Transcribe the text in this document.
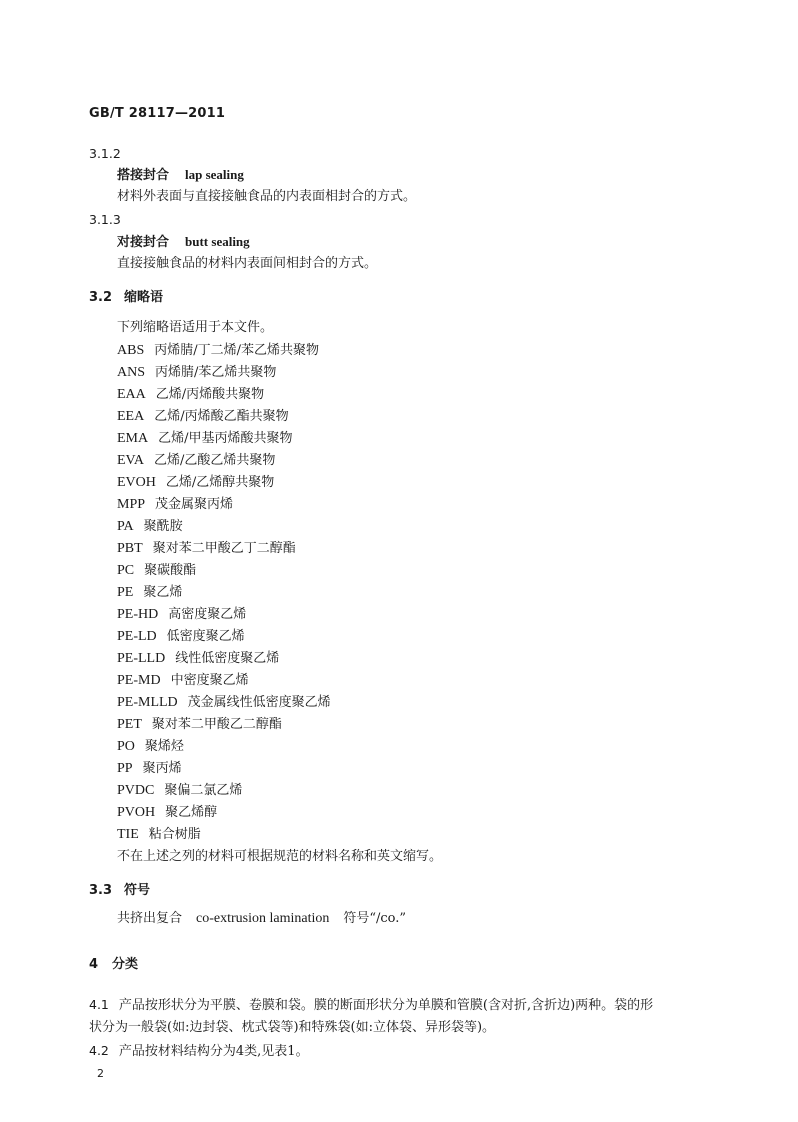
GB/T 28117—2011
3.1.2
搭接封合 lap sealing
材料外表面与直接接触食品的内表面相封合的方式。
3.1.3
对接封合 butt sealing
直接接触食品的材料内表面间相封合的方式。
3.2 缩略语
下列缩略语适用于本文件。
ABS 丙烯腈/丁二烯/苯乙烯共聚物
ANS 丙烯腈/苯乙烯共聚物
EAA 乙烯/丙烯酸共聚物
EEA 乙烯/丙烯酸乙酯共聚物
EMA 乙烯/甲基丙烯酸共聚物
EVA 乙烯/乙酸乙烯共聚物
EVOH 乙烯/乙烯醇共聚物
MPP 茂金属聚丙烯
PA 聚酰胺
PBT 聚对苯二甲酸乙丁二醇酯
PC 聚碳酸酯
PE 聚乙烯
PE-HD 高密度聚乙烯
PE-LD 低密度聚乙烯
PE-LLD 线性低密度聚乙烯
PE-MD 中密度聚乙烯
PE-MLLD 茂金属线性低密度聚乙烯
PET 聚对苯二甲酸乙二醇酯
PO 聚烯烃
PP 聚丙烯
PVDC 聚偏二氯乙烯
PVOH 聚乙烯醇
TIE 粘合树脂
不在上述之列的材料可根据规范的材料名称和英文缩写。
3.3 符号
共挤出复合 co-extrusion lamination 符号“/co.”
4 分类
4.1 产品按形状分为平膜、卷膜和袋。膜的断面形状分为单膜和管膜(含对折,含折边)两种。袋的形
状分为一般袋(如:边封袋、枕式袋等)和特殊袋(如:立体袋、异形袋等)。
4.2 产品按材料结构分为4类,见表1。
2
